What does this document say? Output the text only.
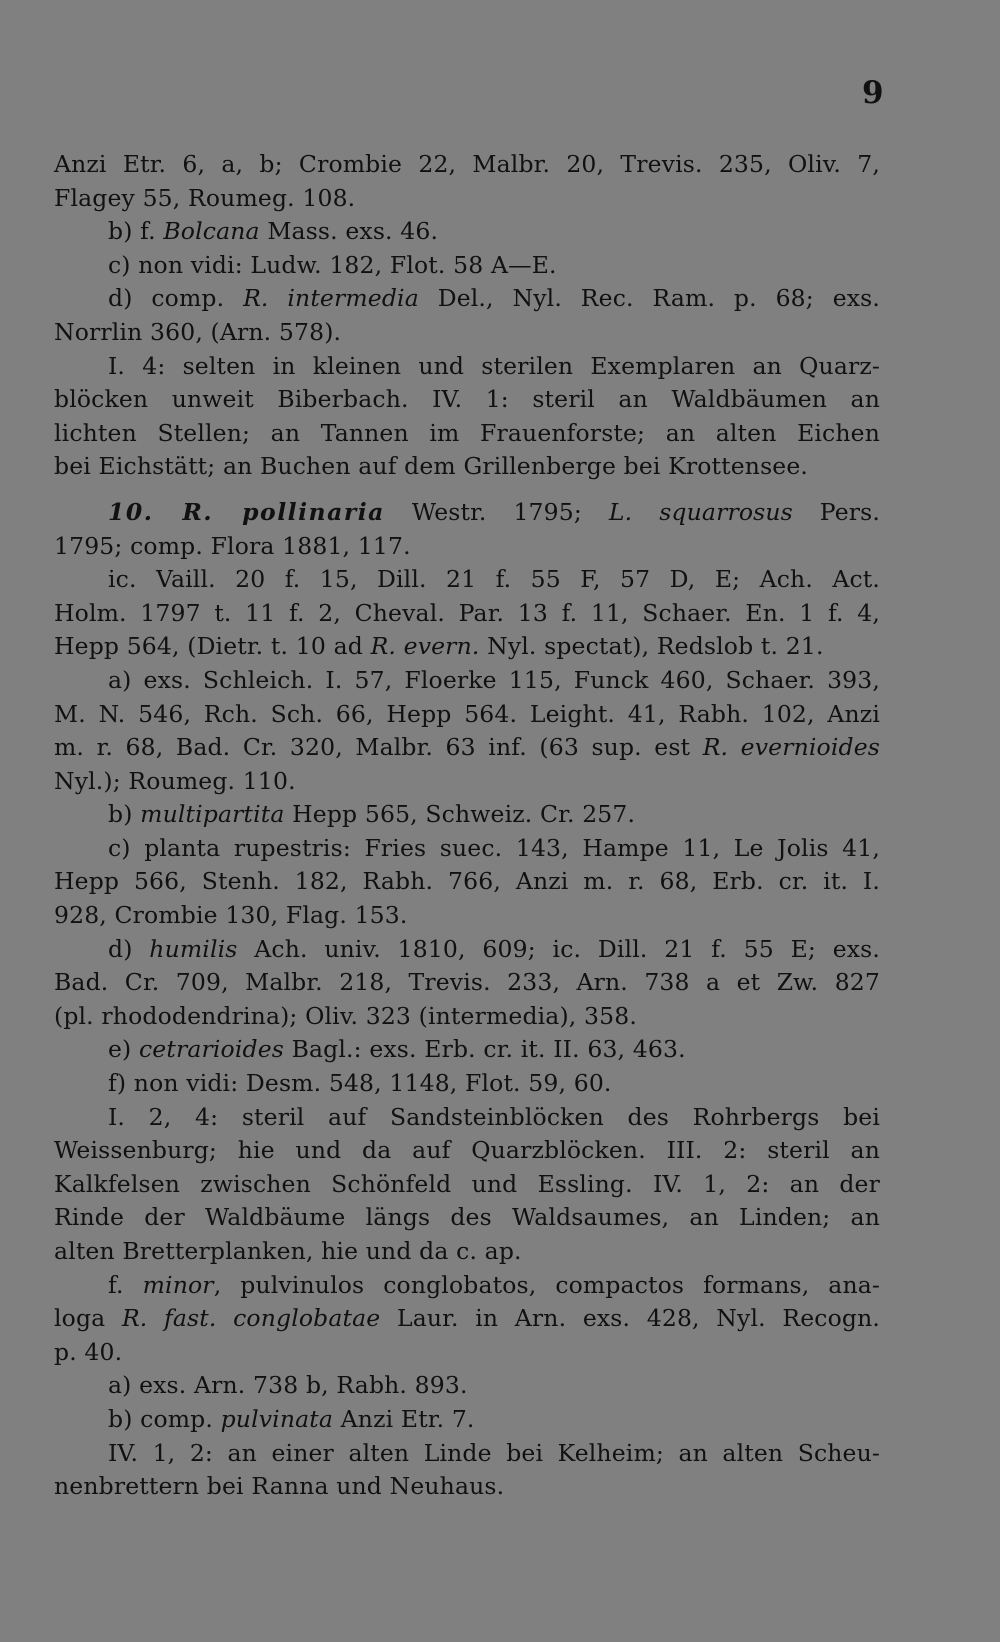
9
Anzi Etr. 6, a, b; Crombie 22, Malbr. 20, Trevis. 235, Oliv. 7,
Flagey 55, Roumeg. 108.
b) f. Bolcana Mass. exs. 46.
c) non vidi: Ludw. 182, Flot. 58 A—E.
d) comp. R. intermedia Del., Nyl. Rec. Ram. p. 68; exs.
Norrlin 360, (Arn. 578).
I. 4: selten in kleinen und sterilen Exemplaren an Quarz-
blöcken unweit Biberbach. IV. 1: steril an Waldbäumen an
lichten Stellen; an Tannen im Frauenforste; an alten Eichen
bei Eichstätt; an Buchen auf dem Grillenberge bei Krottensee.
10. R. pollinaria Westr. 1795; L. squarrosus Pers.
1795; comp. Flora 1881, 117.
ic. Vaill. 20 f. 15, Dill. 21 f. 55 F, 57 D, E; Ach. Act.
Holm. 1797 t. 11 f. 2, Cheval. Par. 13 f. 11, Schaer. En. 1 f. 4,
Hepp 564, (Dietr. t. 10 ad R. evern. Nyl. spectat), Redslob t. 21.
a) exs. Schleich. I. 57, Floerke 115, Funck 460, Schaer. 393,
M. N. 546, Rch. Sch. 66, Hepp 564. Leight. 41, Rabh. 102, Anzi
m. r. 68, Bad. Cr. 320, Malbr. 63 inf. (63 sup. est R. evernioides
Nyl.); Roumeg. 110.
b) multipartita Hepp 565, Schweiz. Cr. 257.
c) planta rupestris: Fries suec. 143, Hampe 11, Le Jolis 41,
Hepp 566, Stenh. 182, Rabh. 766, Anzi m. r. 68, Erb. cr. it. I.
928, Crombie 130, Flag. 153.
d) humilis Ach. univ. 1810, 609; ic. Dill. 21 f. 55 E; exs.
Bad. Cr. 709, Malbr. 218, Trevis. 233, Arn. 738 a et Zw. 827
(pl. rhododendrina); Oliv. 323 (intermedia), 358.
e) cetrarioides Bagl.: exs. Erb. cr. it. II. 63, 463.
f) non vidi: Desm. 548, 1148, Flot. 59, 60.
I. 2, 4: steril auf Sandsteinblöcken des Rohrbergs bei
Weissenburg; hie und da auf Quarzblöcken. III. 2: steril an
Kalkfelsen zwischen Schönfeld und Essling. IV. 1, 2: an der
Rinde der Waldbäume längs des Waldsaumes, an Linden; an
alten Bretterplanken, hie und da c. ap.
f. minor, pulvinulos conglobatos, compactos formans, ana-
loga R. fast. conglobatae Laur. in Arn. exs. 428, Nyl. Recogn.
p. 40.
a) exs. Arn. 738 b, Rabh. 893.
b) comp. pulvinata Anzi Etr. 7.
IV. 1, 2: an einer alten Linde bei Kelheim; an alten Scheu-
nenbrettern bei Ranna und Neuhaus.
